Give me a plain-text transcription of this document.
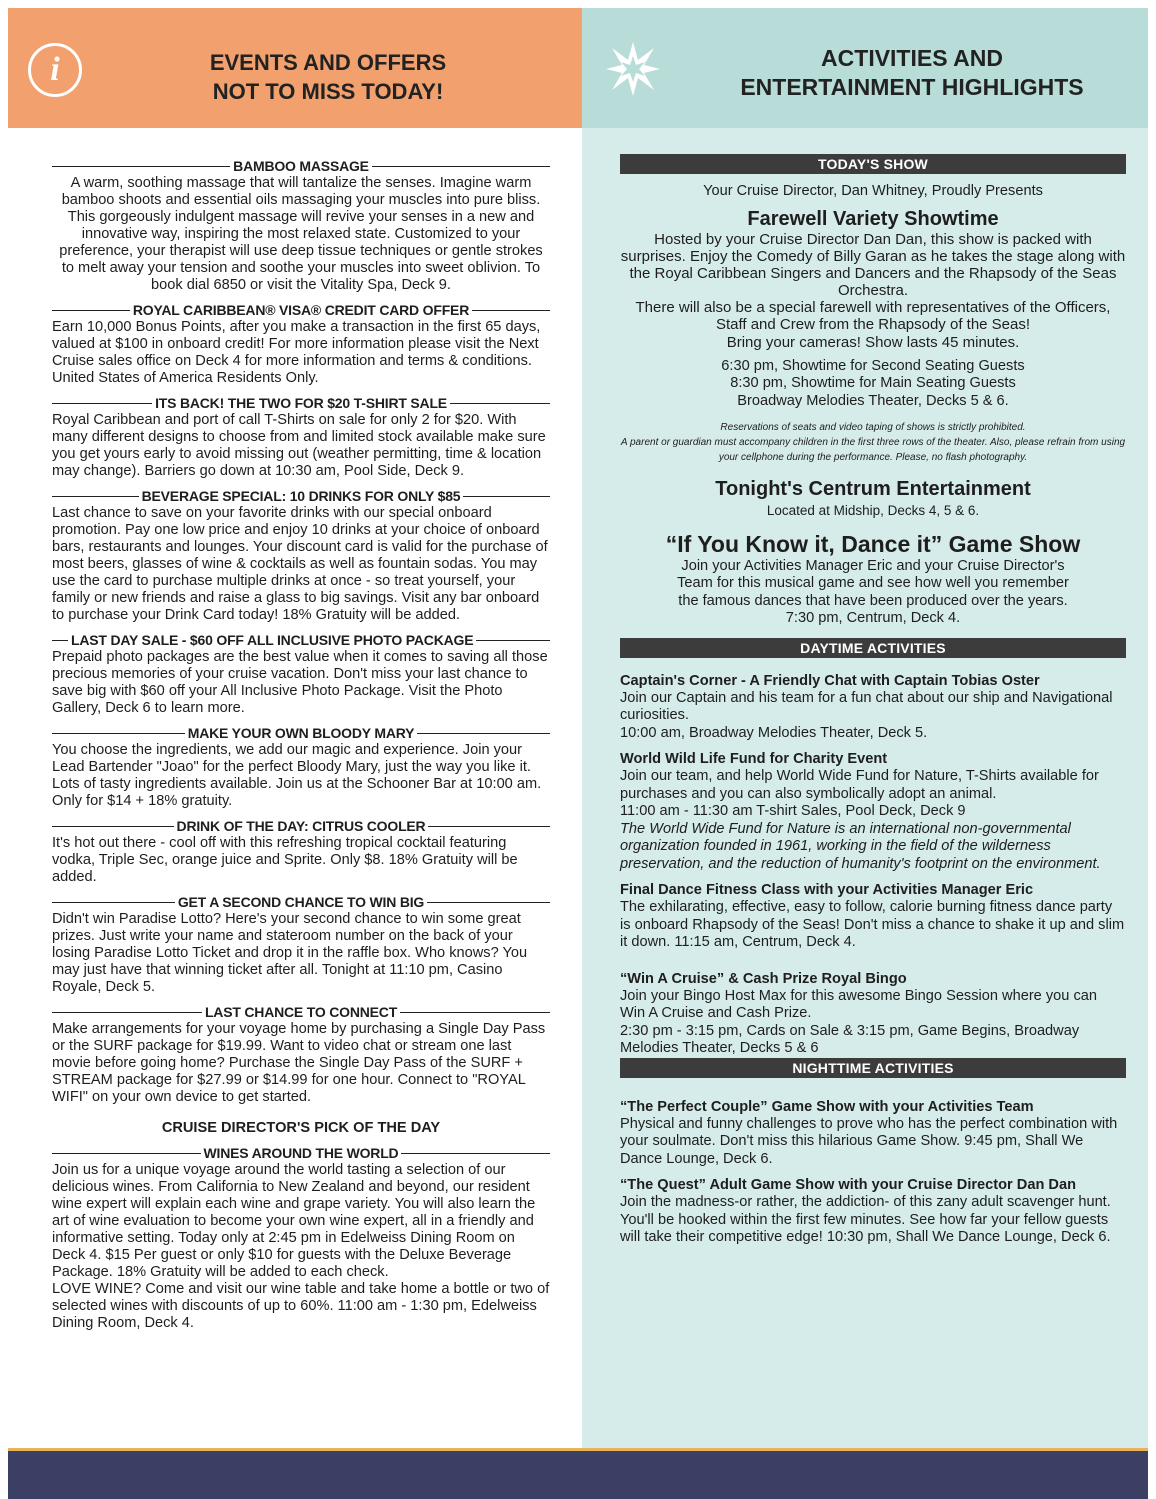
i	EVENTS AND OFFERS
NOT TO MISS TODAY!
ACTIVITIES AND
ENTERTAINMENT HIGHLIGHTS
BAMBOO MASSAGE
A warm, soothing massage that will tantalize the senses. Imagine warm bamboo shoots and essential oils massaging your muscles into pure bliss. This gorgeously indulgent massage will revive your senses in a new and innovative way, inspiring the most relaxed state. Customized to your preference, your therapist will use deep tissue techniques or gentle strokes to melt away your tension and soothe your muscles into sweet oblivion. To book dial 6850 or visit the Vitality Spa, Deck 9.
ROYAL CARIBBEAN® VISA® CREDIT CARD OFFER
Earn 10,000 Bonus Points, after you make a transaction in the first 65 days, valued at $100 in onboard credit! For more information please visit the Next Cruise sales office on Deck 4 for more information and terms & conditions. United States of America Residents Only.
ITS BACK! THE TWO FOR $20 T-SHIRT SALE
Royal Caribbean and port of call T-Shirts on sale for only 2 for $20. With many different designs to choose from and limited stock available make sure you get yours early to avoid missing out (weather permitting, time & location may change). Barriers go down at 10:30 am, Pool Side, Deck 9.
BEVERAGE SPECIAL: 10 DRINKS FOR ONLY $85
Last chance to save on your favorite drinks with our special onboard promotion. Pay one low price and enjoy 10 drinks at your choice of onboard bars, restaurants and lounges. Your discount card is valid for the purchase of most beers, glasses of wine & cocktails as well as fountain sodas. You may use the card to purchase multiple drinks at once - so treat yourself, your family or new friends and raise a glass to big savings. Visit any bar onboard to purchase your Drink Card today! 18% Gratuity will be added.
LAST DAY SALE - $60 OFF ALL INCLUSIVE PHOTO PACKAGE
Prepaid photo packages are the best value when it comes to saving all those precious memories of your cruise vacation. Don't miss your last chance to save big with $60 off your All Inclusive Photo Package. Visit the Photo Gallery, Deck 6 to learn more.
MAKE YOUR OWN BLOODY MARY
You choose the ingredients, we add our magic and experience. Join your Lead Bartender "Joao" for the perfect Bloody Mary, just the way you like it. Lots of tasty ingredients available. Join us at the Schooner Bar at 10:00 am. Only for $14 + 18% gratuity.
DRINK OF THE DAY: CITRUS COOLER
It's hot out there - cool off with this refreshing tropical cocktail featuring vodka, Triple Sec, orange juice and Sprite. Only $8. 18% Gratuity will be added.
GET A SECOND CHANCE TO WIN BIG
Didn't win Paradise Lotto? Here's your second chance to win some great prizes. Just write your name and stateroom number on the back of your losing Paradise Lotto Ticket and drop it in the raffle box. Who knows? You may just have that winning ticket after all. Tonight at 11:10 pm, Casino Royale, Deck 5.
LAST CHANCE TO CONNECT
Make arrangements for your voyage home by purchasing a Single Day Pass or the SURF package for $19.99. Want to video chat or stream one last movie before going home? Purchase the Single Day Pass of the SURF + STREAM package for $27.99 or $14.99 for one hour. Connect to "ROYAL WIFI" on your own device to get started.
CRUISE DIRECTOR'S PICK OF THE DAY
WINES AROUND THE WORLD
Join us for a unique voyage around the world tasting a selection of our delicious wines. From California to New Zealand and beyond, our resident wine expert will explain each wine and grape variety. You will also learn the art of wine evaluation to become your own wine expert, all in a friendly and informative setting. Today only at 2:45 pm in Edelweiss Dining Room on Deck 4. $15 Per guest or only $10 for guests with the Deluxe Beverage Package. 18% Gratuity will be added to each check.
LOVE WINE? Come and visit our wine table and take home a bottle or two of selected wines with discounts of up to 60%. 11:00 am - 1:30 pm, Edelweiss Dining Room, Deck 4.
TODAY'S SHOW
Your Cruise Director, Dan Whitney, Proudly Presents
Farewell Variety Showtime
Hosted by your Cruise Director Dan Dan, this show is packed with surprises. Enjoy the Comedy of Billy Garan as he takes the stage along with the Royal Caribbean Singers and Dancers and the Rhapsody of the Seas Orchestra.
There will also be a special farewell with representatives of the Officers, Staff and Crew from the Rhapsody of the Seas!
Bring your cameras! Show lasts 45 minutes.
6:30 pm, Showtime for Second Seating Guests
8:30 pm, Showtime for Main Seating Guests
Broadway Melodies Theater, Decks 5 & 6.
Reservations of seats and video taping of shows is strictly prohibited.
A parent or guardian must accompany children in the first three rows of the theater. Also, please refrain from using your cellphone during the performance. Please, no flash photography.
Tonight's Centrum Entertainment
Located at Midship, Decks 4, 5 & 6.
“If You Know it, Dance it” Game Show
Join your Activities Manager Eric and your Cruise Director's Team for this musical game and see how well you remember the famous dances that have been produced over the years.
7:30 pm, Centrum, Deck 4.
DAYTIME ACTIVITIES
Captain's Corner - A Friendly Chat with Captain Tobias Oster
Join our Captain and his team for a fun chat about our ship and Navigational curiosities.
10:00 am, Broadway Melodies Theater, Deck 5.
World Wild Life Fund for Charity Event
Join our team, and help World Wide Fund for Nature, T-Shirts available for purchases and you can also symbolically adopt an animal.
11:00 am - 11:30 am T-shirt Sales, Pool Deck, Deck 9
The World Wide Fund for Nature is an international non-governmental organization founded in 1961, working in the field of the wilderness preservation, and the reduction of humanity's footprint on the environment.
Final Dance Fitness Class with your Activities Manager Eric
The exhilarating, effective, easy to follow, calorie burning fitness dance party is onboard Rhapsody of the Seas! Don't miss a chance to shake it up and slim it down. 11:15 am, Centrum, Deck 4.
“Win A Cruise” & Cash Prize Royal Bingo
Join your Bingo Host Max for this awesome Bingo Session where you can Win A Cruise and Cash Prize.
2:30 pm - 3:15 pm, Cards on Sale & 3:15 pm, Game Begins, Broadway Melodies Theater, Decks 5 & 6
NIGHTTIME ACTIVITIES
“The Perfect Couple” Game Show with your Activities Team
Physical and funny challenges to prove who has the perfect combination with your soulmate. Don't miss this hilarious Game Show. 9:45 pm, Shall We Dance Lounge, Deck 6.
“The Quest” Adult Game Show with your Cruise Director Dan Dan
Join the madness-or rather, the addiction- of this zany adult scavenger hunt. You'll be hooked within the first few minutes. See how far your fellow guests will take their competitive edge! 10:30 pm, Shall We Dance Lounge, Deck 6.
